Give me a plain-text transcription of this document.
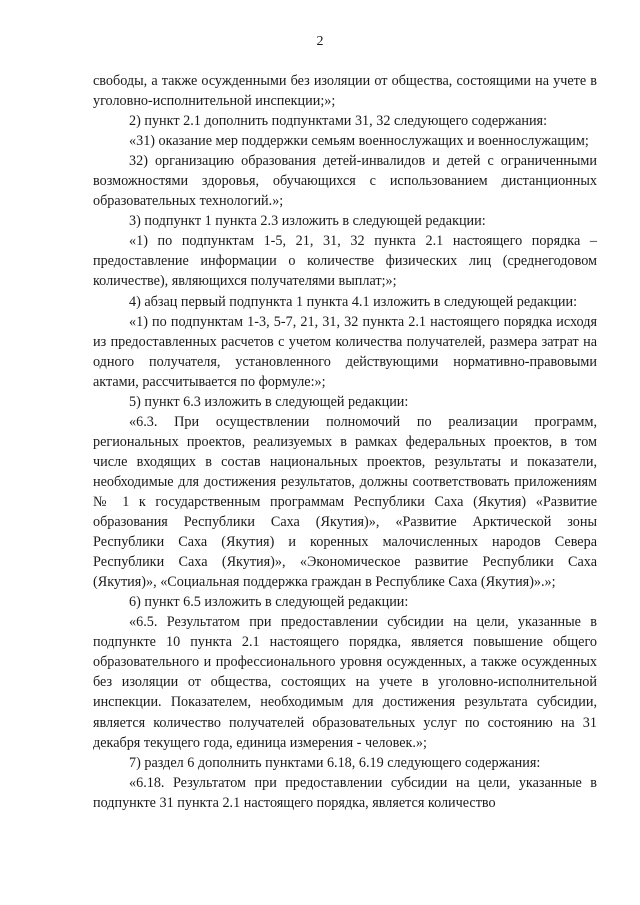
2

свободы, а также осужденными без изоляции от общества, состоящими на учете в уголовно-исполнительной инспекции;»;

2) пункт 2.1 дополнить подпунктами 31, 32 следующего содержания:

«31) оказание мер поддержки семьям военнослужащих и военнослужащим;

32) организацию образования детей-инвалидов и детей с ограниченными возможностями здоровья, обучающихся с использованием дистанционных образовательных технологий.»;

3) подпункт 1 пункта 2.3 изложить в следующей редакции:

«1) по подпунктам 1-5, 21, 31, 32 пункта 2.1 настоящего порядка – предоставление информации о количестве физических лиц (среднегодовом количестве), являющихся получателями выплат;»;

4) абзац первый подпункта 1 пункта 4.1 изложить в следующей редакции:

«1) по подпунктам 1-3, 5-7, 21, 31, 32 пункта 2.1 настоящего порядка исходя из предоставленных расчетов с учетом количества получателей, размера затрат на одного получателя, установленного действующими нормативно-правовыми актами, рассчитывается по формуле:»;

5) пункт 6.3 изложить в следующей редакции:

«6.3. При осуществлении полномочий по реализации программ, региональных проектов, реализуемых в рамках федеральных проектов, в том числе входящих в состав национальных проектов, результаты и показатели, необходимые для достижения результатов, должны соответствовать приложениям № 1 к государственным программам Республики Саха (Якутия) «Развитие образования Республики Саха (Якутия)», «Развитие Арктической зоны Республики Саха (Якутия) и коренных малочисленных народов Севера Республики Саха (Якутия)», «Экономическое развитие Республики Саха (Якутия)», «Социальная поддержка граждан в Республике Саха (Якутия)».»;

6) пункт 6.5 изложить в следующей редакции:

«6.5. Результатом при предоставлении субсидии на цели, указанные в подпункте 10 пункта 2.1 настоящего порядка, является повышение общего образовательного и профессионального уровня осужденных, а также осужденных без изоляции от общества, состоящих на учете в уголовно-исполнительной инспекции. Показателем, необходимым для достижения результата субсидии, является количество получателей образовательных услуг по состоянию на 31 декабря текущего года, единица измерения - человек.»;

7) раздел 6 дополнить пунктами 6.18, 6.19 следующего содержания:

«6.18. Результатом при предоставлении субсидии на цели, указанные в подпункте 31 пункта 2.1 настоящего порядка, является количество
